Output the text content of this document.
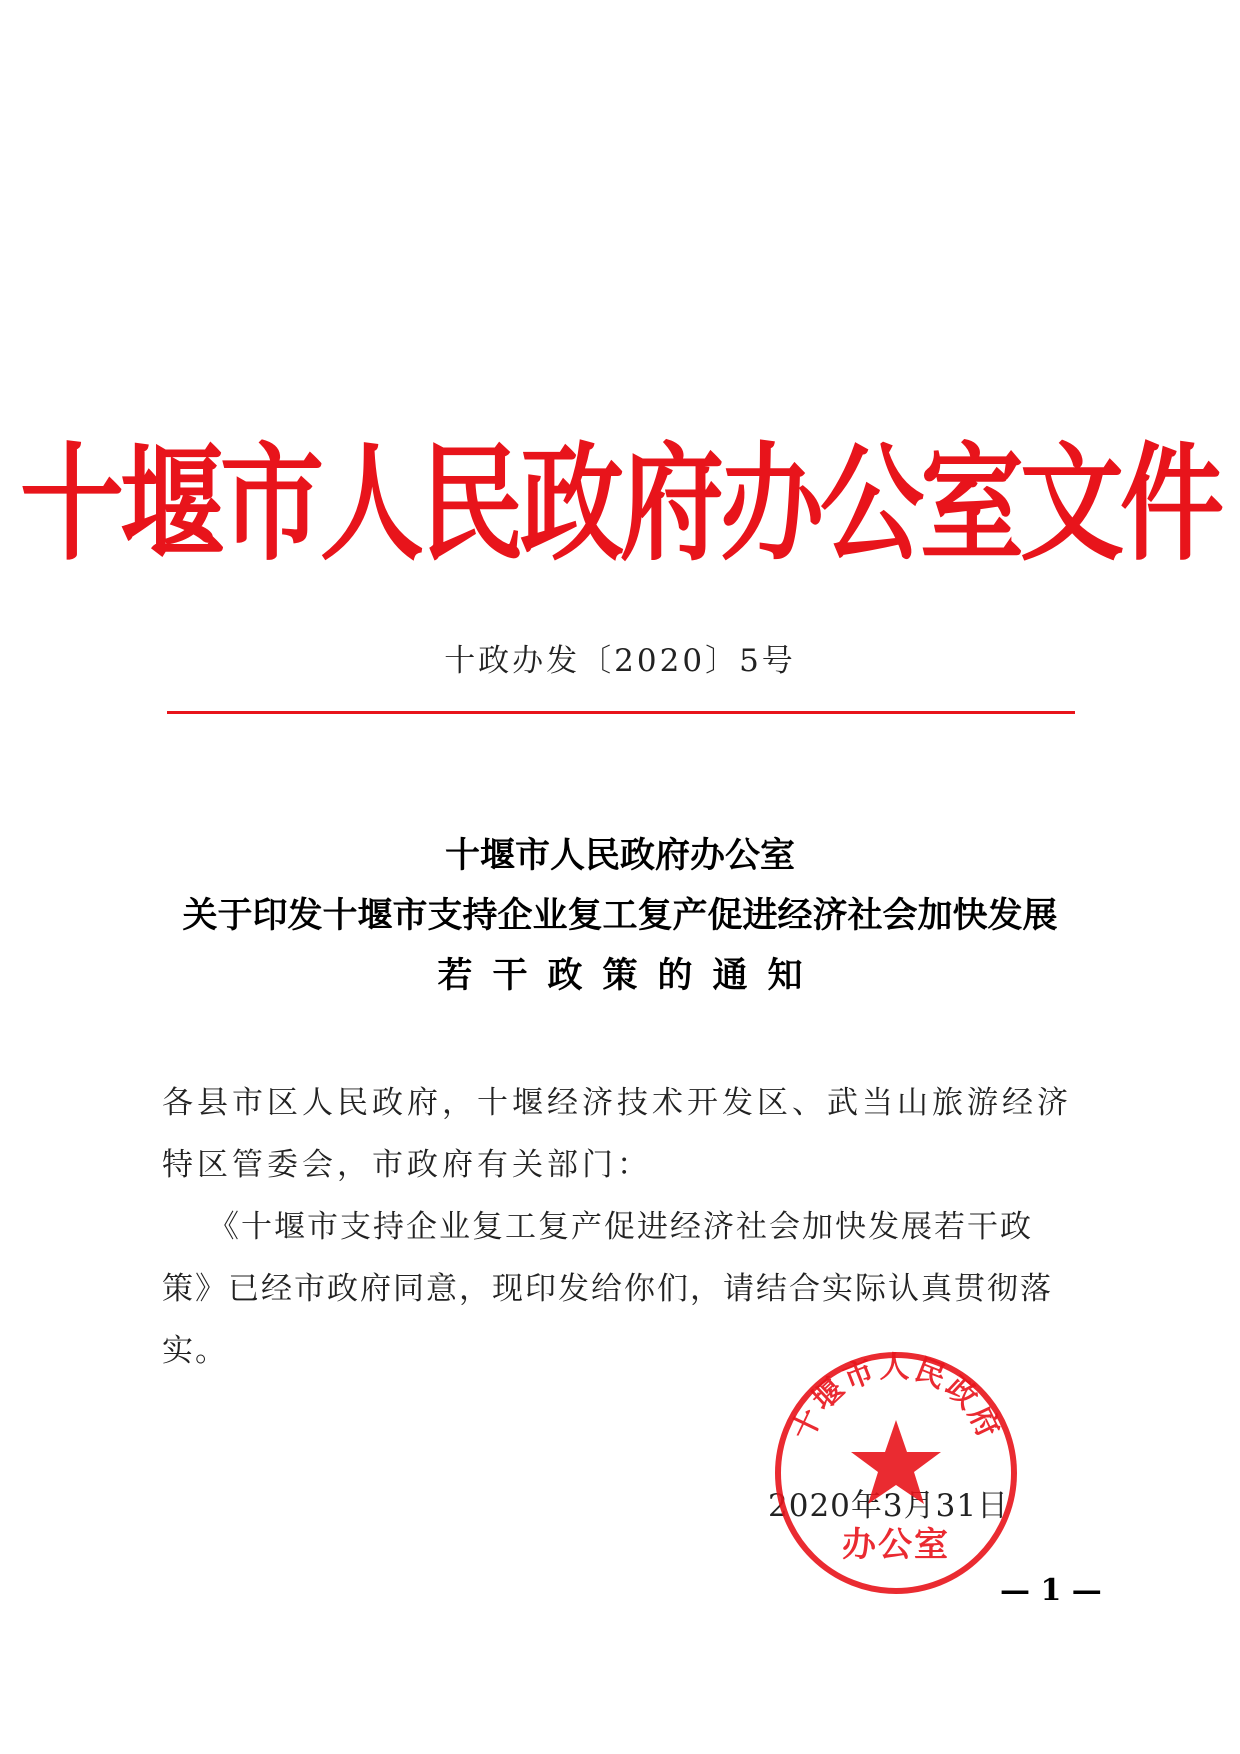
十堰市人民政府办公室文件
十政办发〔2020〕5号
十堰市人民政府办公室
关于印发十堰市支持企业复工复产促进经济社会加快发展
若干政策的通知
各县市区人民政府，十堰经济技术开发区、武当山旅游经济特区管委会，市政府有关部门：
《十堰市支持企业复工复产促进经济社会加快发展若干政策》已经市政府同意，现印发给你们，请结合实际认真贯彻落实。
2020年3月31日
十堰市人民政府
办公室
— 1 —
